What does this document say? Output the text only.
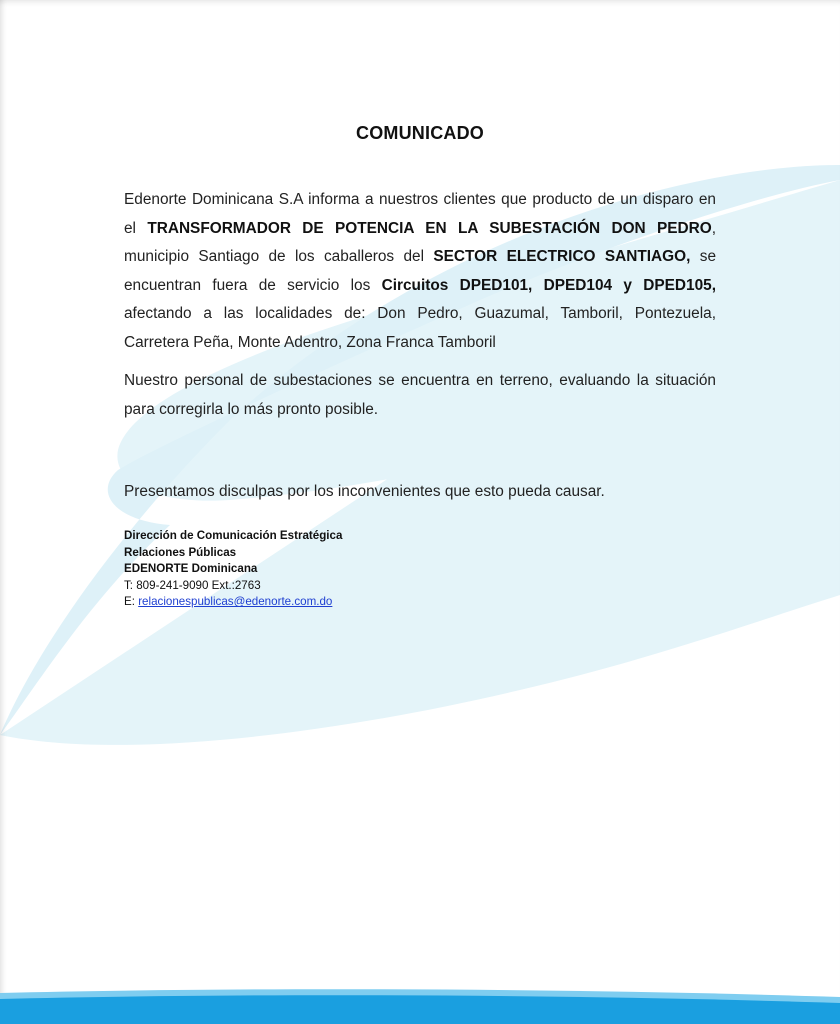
COMUNICADO
Edenorte Dominicana S.A informa a nuestros clientes que producto de un disparo en el TRANSFORMADOR DE POTENCIA EN LA SUBESTACIÓN DON PEDRO, municipio Santiago de los caballeros del SECTOR ELECTRICO SANTIAGO, se encuentran fuera de servicio los Circuitos DPED101, DPED104 y DPED105, afectando a las localidades de: Don Pedro, Guazumal, Tamboril, Pontezuela, Carretera Peña, Monte Adentro, Zona Franca Tamboril
Nuestro personal de subestaciones se encuentra en terreno, evaluando la situación para corregirla lo más pronto posible.
Presentamos disculpas por los inconvenientes que esto pueda causar.
Dirección de Comunicación Estratégica
Relaciones Públicas
EDENORTE Dominicana
T: 809-241-9090 Ext.:2763
E: relacionespublicas@edenorte.com.do
